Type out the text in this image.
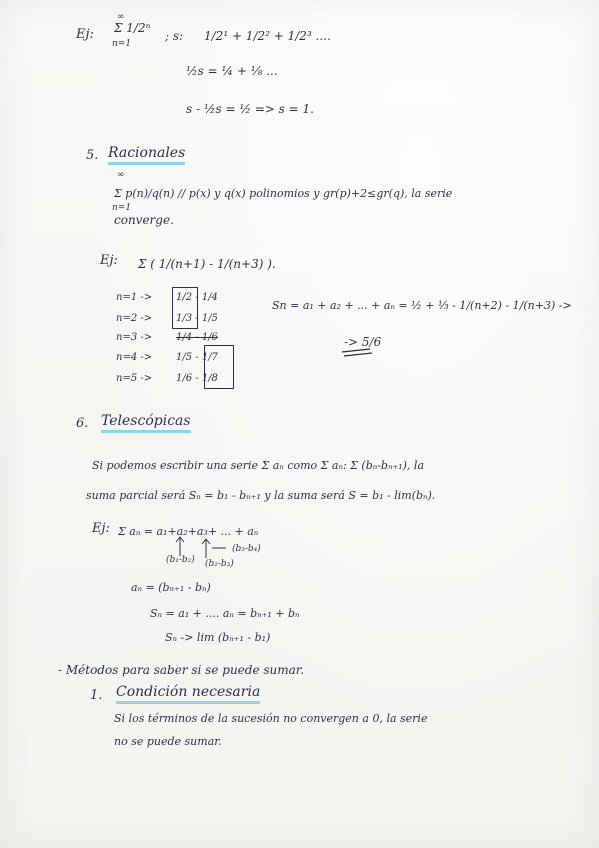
Ej:
∞
Σ 1/2ⁿ
n=1
; s: 1/2¹ + 1/2² + 1/2³ ....
½s = ¼ + ⅛ ...
s - ½s = ½ => s = 1.
5. Racionales
∞
Σ p(n)/q(n) // p(x) y q(x) polinomios y gr(p)+2≤gr(q), la serie
n=1
converge.
Ej: Σ ( 1/(n+1) - 1/(n+3) ).
n=1 -> 1/2 - 1/4
n=2 -> 1/3 - 1/5
n=3 -> 1/4 - 1/6
n=4 -> 1/5 - 1/7
n=5 -> 1/6 - 1/8
Sn = a₁ + a₂ + ... + aₙ = ½ + ⅓ - 1/(n+2) - 1/(n+3) ->
-> 5/6
6. Telescópicas
Si podemos escribir una serie Σ aₙ como Σ aₙ: Σ (bₙ-bₙ₊₁), la
suma parcial será Sₙ = b₁ - bₙ₊₁ y la suma será S = b₁ - lim(bₙ).
Ej: Σ aₙ = a₁+a₂+a₃+ ... + aₙ
(b₁-b₂) (b₂-b₃)
(b₃-b₄)
aₙ = (bₙ₊₁ - bₙ)
Sₙ = a₁ + .... aₙ = bₙ₊₁ + bₙ
Sₙ -> lim (bₙ₊₁ - b₁)
- Métodos para saber si se puede sumar.
1. Condición necesaria
Si los términos de la sucesión no convergen a 0, la serie
no se puede sumar.
